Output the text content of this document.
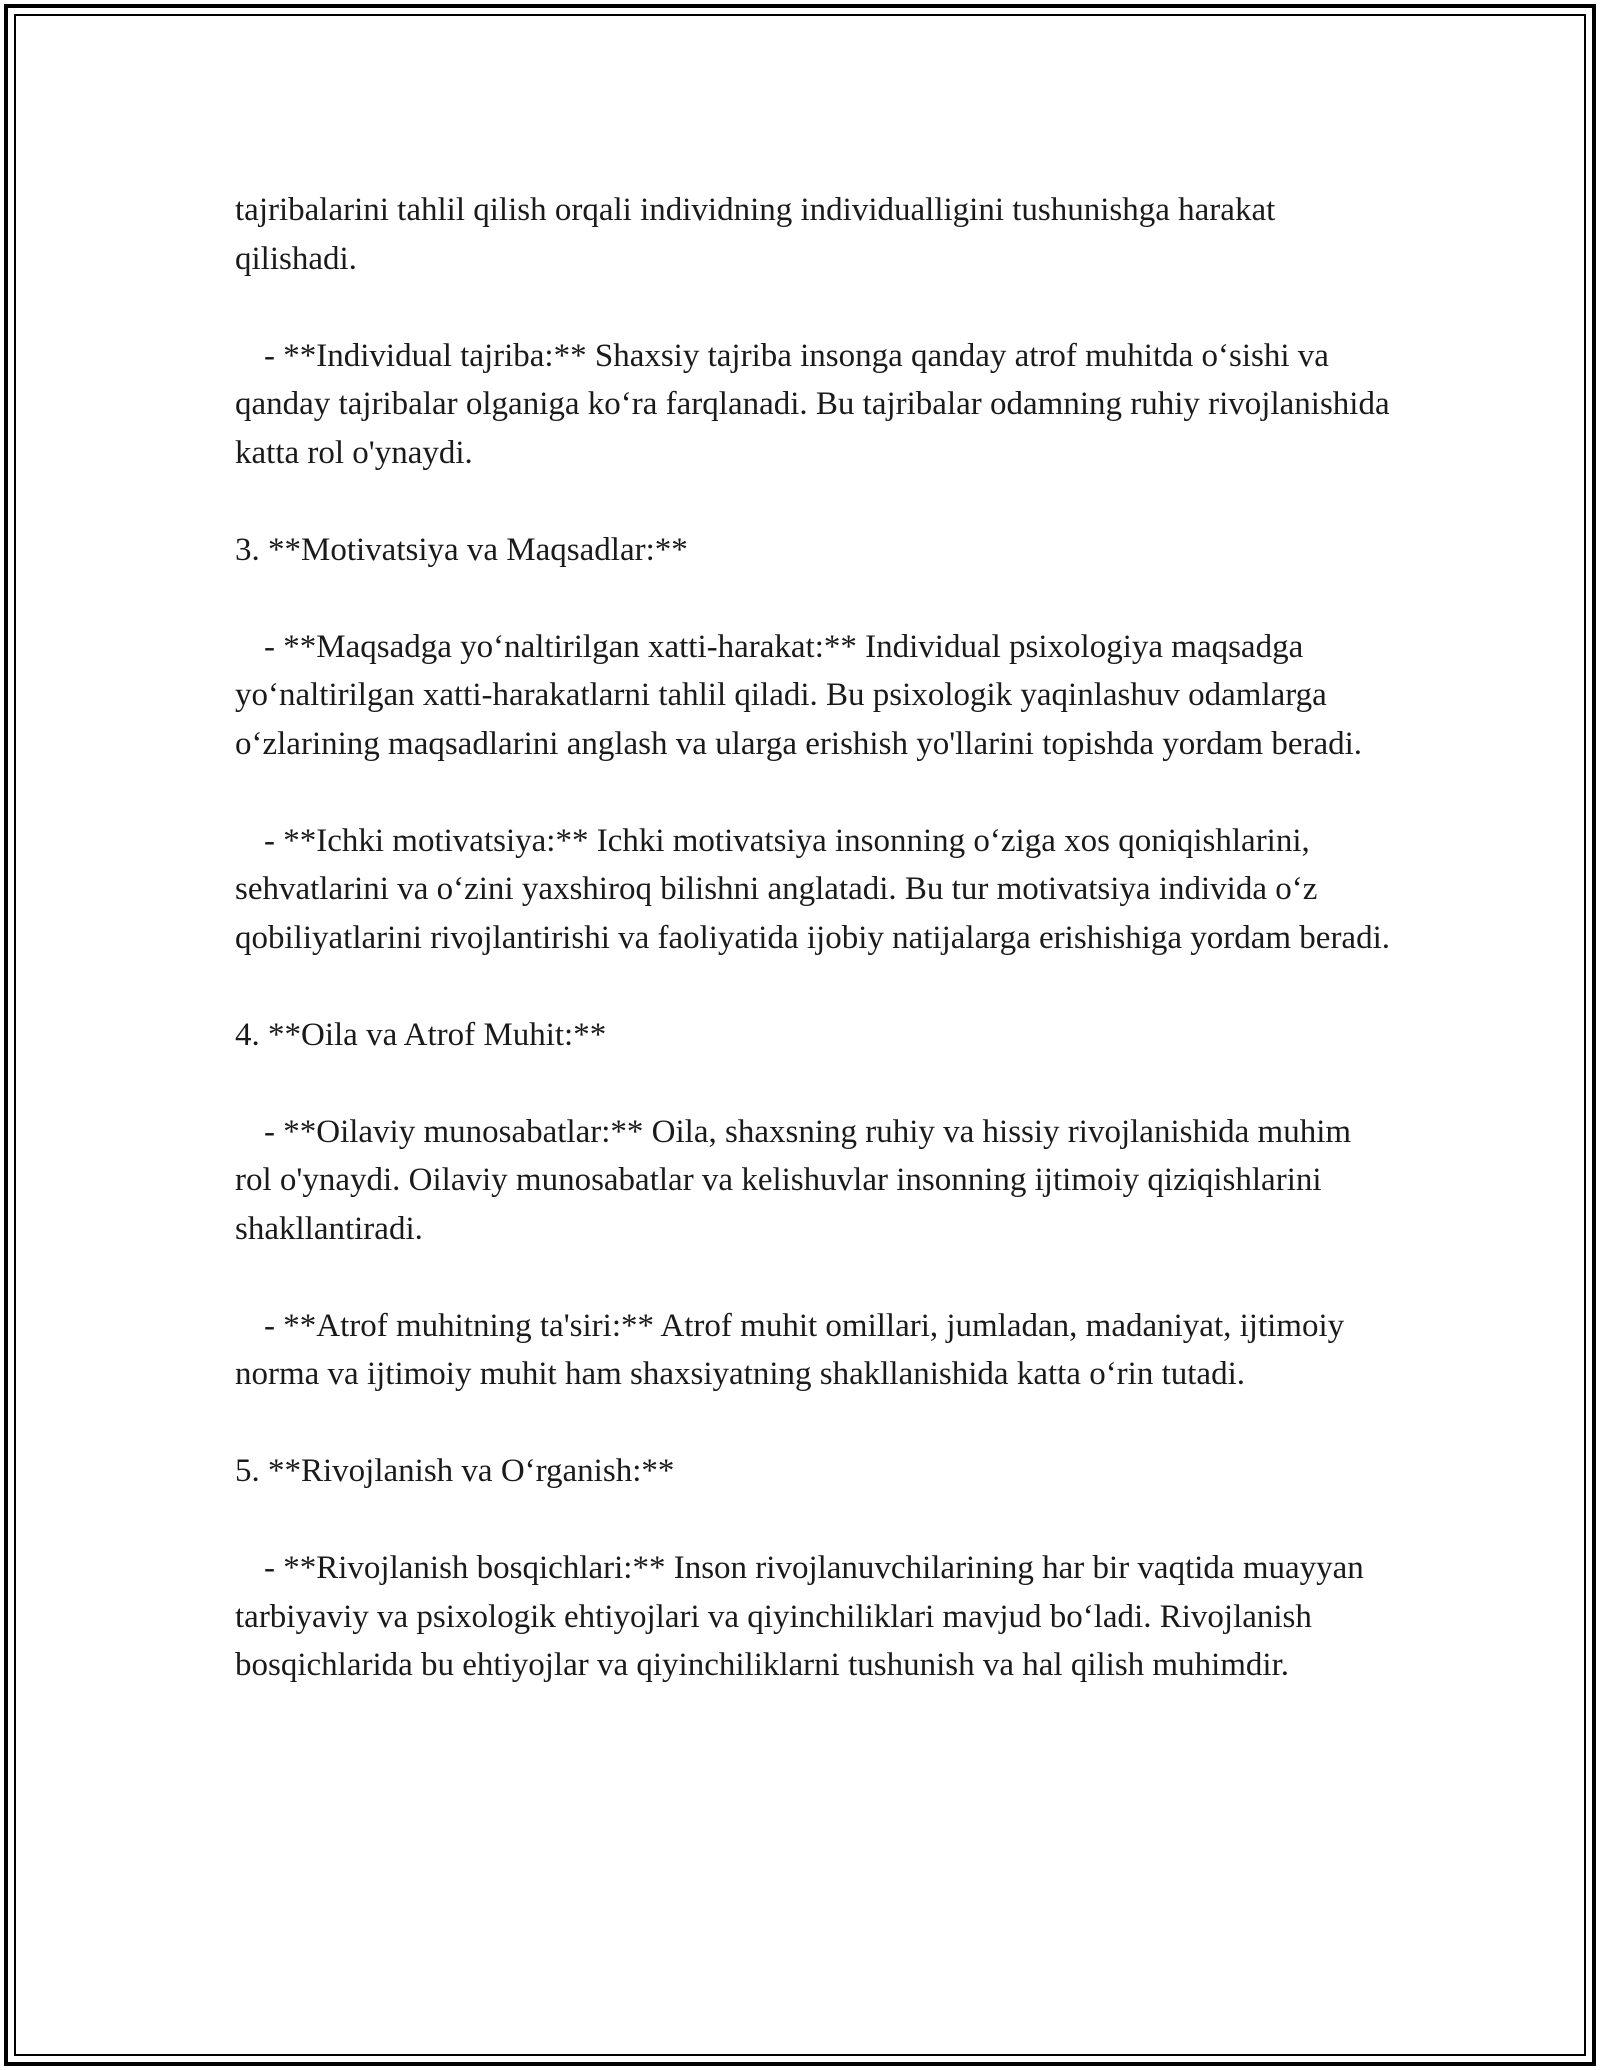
tajribalarini tahlil qilish orqali individning individualligini tushunishga harakat qilishadi.

- **Individual tajriba:** Shaxsiy tajriba insonga qanday atrof muhitda o‘sishi va qanday tajribalar olganiga ko‘ra farqlanadi. Bu tajribalar odamning ruhiy rivojlanishida katta rol o'ynaydi.

3. **Motivatsiya va Maqsadlar:**

- **Maqsadga yo‘naltirilgan xatti-harakat:** Individual psixologiya maqsadga yo‘naltirilgan xatti-harakatlarni tahlil qiladi. Bu psixologik yaqinlashuv odamlarga o‘zlarining maqsadlarini anglash va ularga erishish yo'llarini topishda yordam beradi.

- **Ichki motivatsiya:** Ichki motivatsiya insonning o‘ziga xos qoniqishlarini, sehvatlarini va o‘zini yaxshiroq bilishni anglatadi. Bu tur motivatsiya individa o‘z qobiliyatlarini rivojlantirishi va faoliyatida ijobiy natijalarga erishishiga yordam beradi.

4. **Oila va Atrof Muhit:**

- **Oilaviy munosabatlar:** Oila, shaxsning ruhiy va hissiy rivojlanishida muhim rol o'ynaydi. Oilaviy munosabatlar va kelishuvlar insonning ijtimoiy qiziqishlarini shakllantiradi.

- **Atrof muhitning ta'siri:** Atrof muhit omillari, jumladan, madaniyat, ijtimoiy norma va ijtimoiy muhit ham shaxsiyatning shakllanishida katta o‘rin tutadi.

5. **Rivojlanish va O‘rganish:**

- **Rivojlanish bosqichlari:** Inson rivojlanuvchilarining har bir vaqtida muayyan tarbiyaviy va psixologik ehtiyojlari va qiyinchiliklari mavjud bo‘ladi. Rivojlanish bosqichlarida bu ehtiyojlar va qiyinchiliklarni tushunish va hal qilish muhimdir.
